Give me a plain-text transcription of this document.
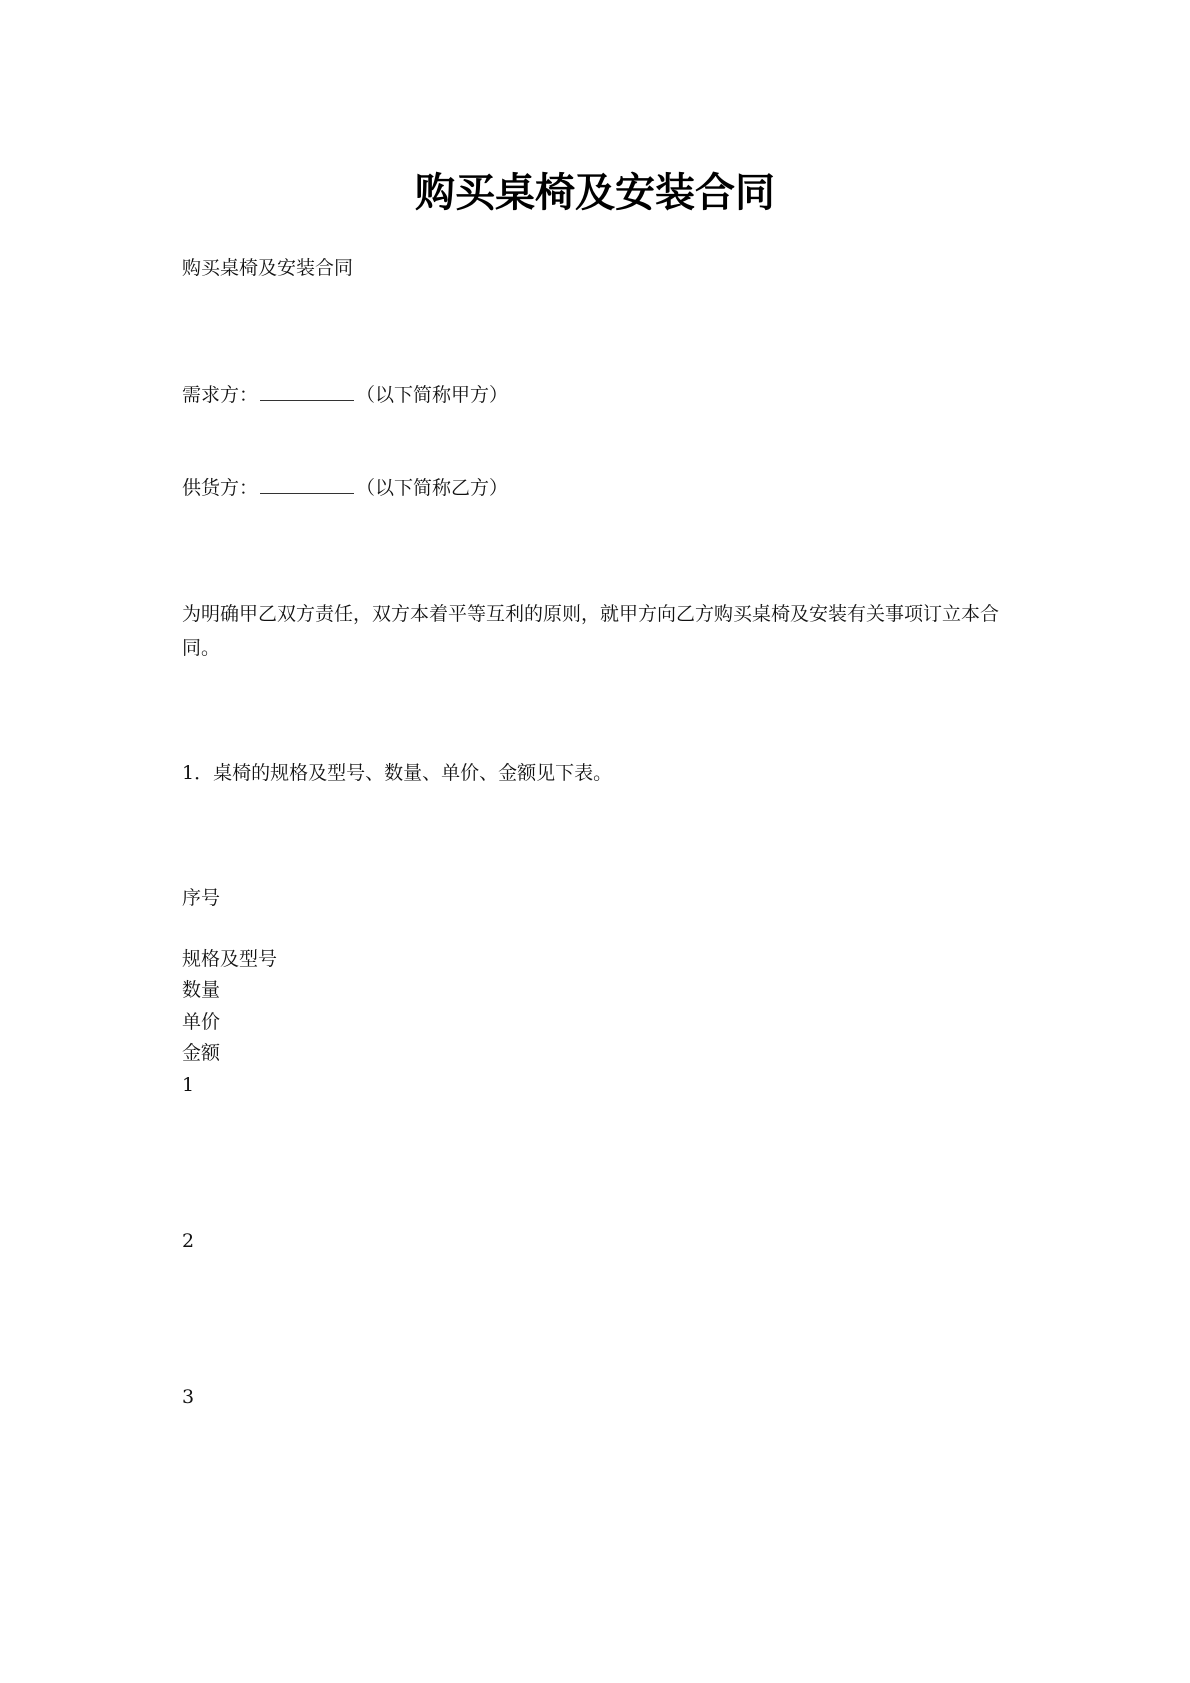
购买桌椅及安装合同

购买桌椅及安装合同

需求方：	（以下简称甲方）

供货方：	（以下简称乙方）

为明确甲乙双方责任，双方本着平等互利的原则，就甲方向乙方购买桌椅及安装有关事项订立本合同。

1．桌椅的规格及型号、数量、单价、金额见下表。

序号

规格及型号

数量

单价

金额

1

2

3
